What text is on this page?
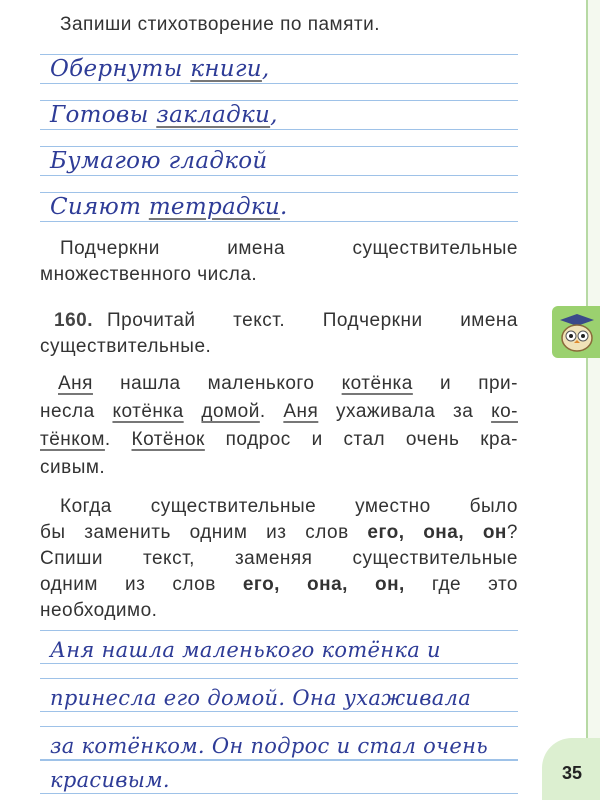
Запиши стихотворение по памяти.
Обернуты книги,
Готовы закладки,
Бумагою гладкой
Сияют тетрадки.
Подчеркни имена существительные
множественного числа.
160. Прочитай текст. Подчеркни имена
существительные.
Аня нашла маленького котёнка и при-
несла котёнка домой. Аня ухаживала за ко-
тёнком. Котёнок подрос и стал очень кра-
сивым.
Когда существительные уместно было
бы заменить одним из слов его, она, он?
Спиши текст, заменяя существительные
одним из слов его, она, он, где это
необходимо.
Аня нашла маленького котёнка и
принесла его домой. Она ухаживала
за котёнком. Он подрос и стал очень
красивым.	35
